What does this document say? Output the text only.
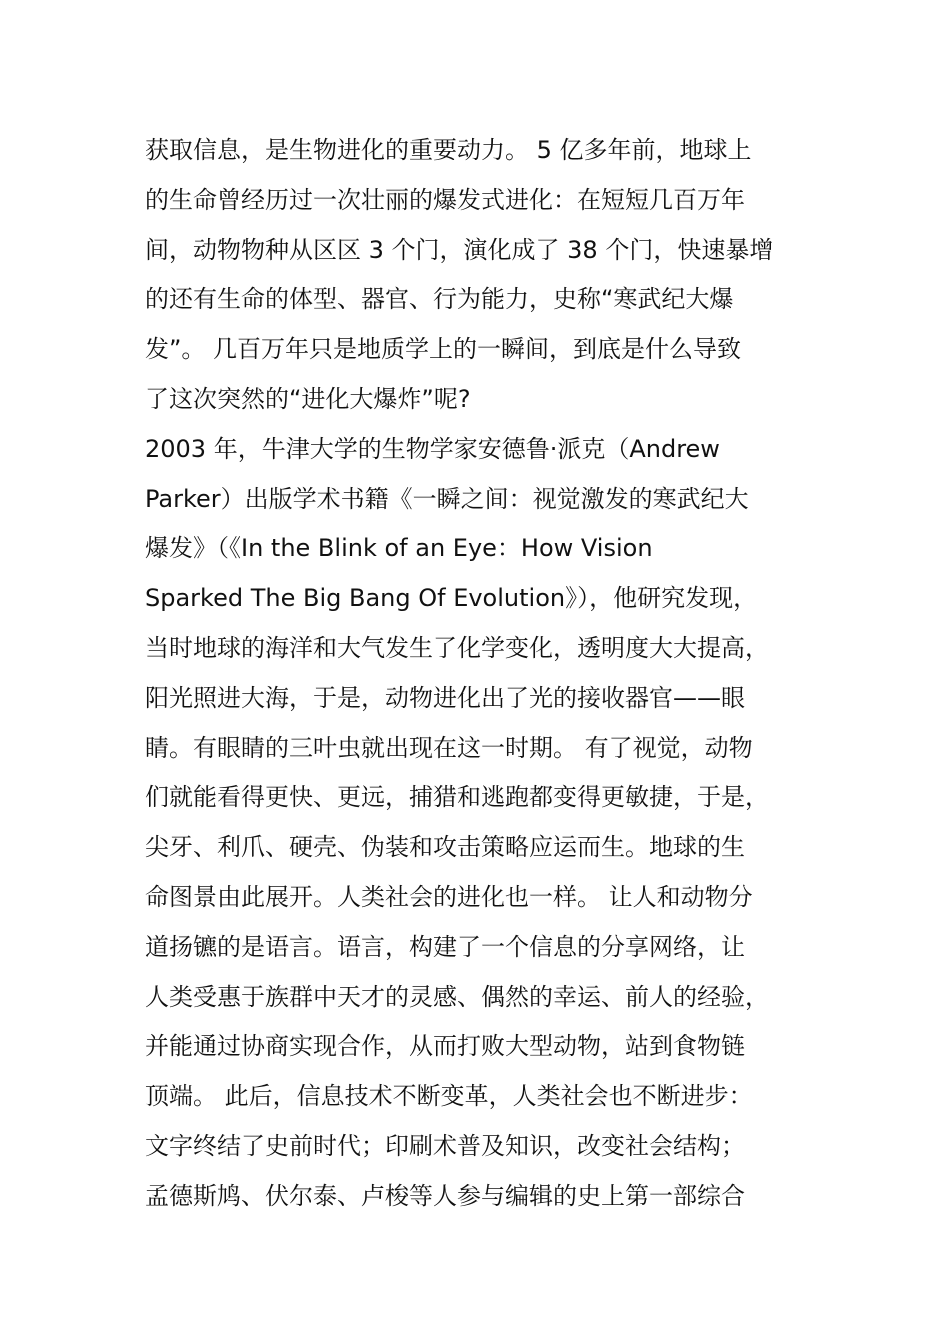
获取信息，是生物进化的重要动力。 5 亿多年前，地球上
的生命曾经历过一次壮丽的爆发式进化：在短短几百万年
间，动物物种从区区 3 个门，演化成了 38 个门，快速暴增
的还有生命的体型、器官、行为能力，史称“寒武纪大爆
发”。 几百万年只是地质学上的一瞬间，到底是什么导致
了这次突然的“进化大爆炸”呢?
2003 年，牛津大学的生物学家安德鲁·派克（Andrew
Parker）出版学术书籍《一瞬之间：视觉激发的寒武纪大
爆发》（《In the Blink of an Eye：How Vision
Sparked The Big Bang Of Evolution》），他研究发现，
当时地球的海洋和大气发生了化学变化，透明度大大提高，
阳光照进大海，于是，动物进化出了光的接收器官——眼
睛。有眼睛的三叶虫就出现在这一时期。 有了视觉，动物
们就能看得更快、更远，捕猎和逃跑都变得更敏捷，于是，
尖牙、利爪、硬壳、伪装和攻击策略应运而生。地球的生
命图景由此展开。人类社会的进化也一样。 让人和动物分
道扬镳的是语言。语言，构建了一个信息的分享网络，让
人类受惠于族群中天才的灵感、偶然的幸运、前人的经验，
并能通过协商实现合作，从而打败大型动物，站到食物链
顶端。 此后，信息技术不断变革，人类社会也不断进步：
文字终结了史前时代；印刷术普及知识，改变社会结构；
孟德斯鸠、伏尔泰、卢梭等人参与编辑的史上第一部综合
